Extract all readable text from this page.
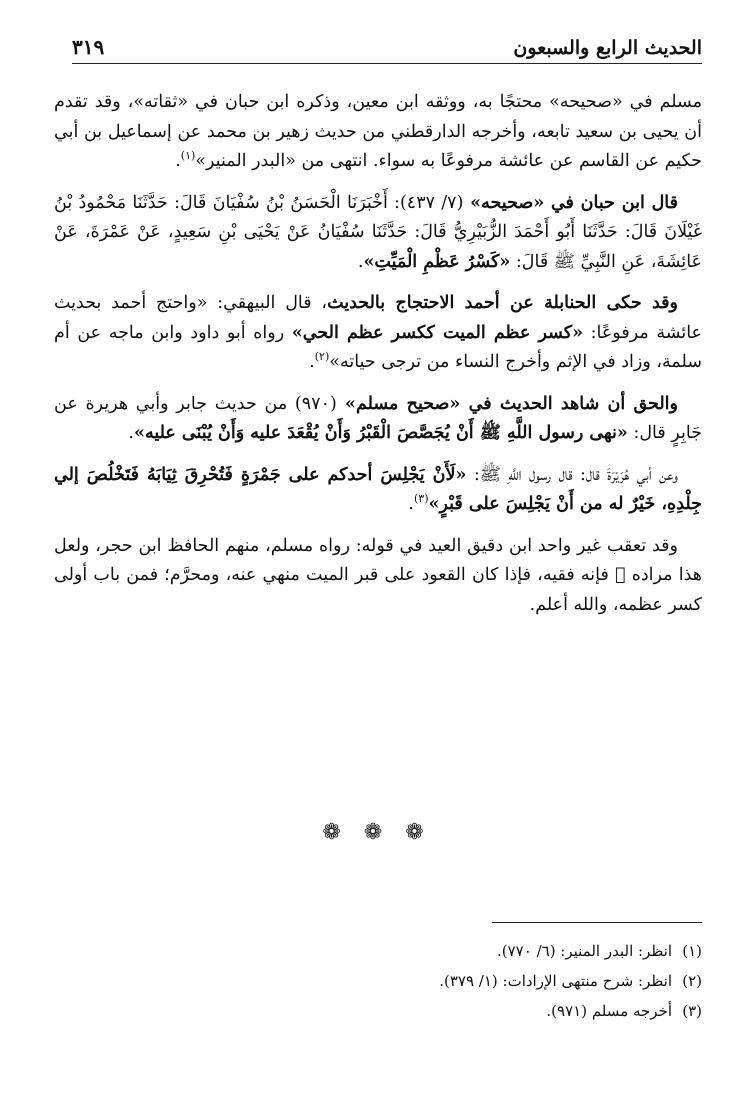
الحديث الرابع والسبعون
٣١٩

مسلم في «صحيحه» محتجًا به، ووثقه ابن معين، وذكره ابن حبان في «ثقاته»، وقد تقدم أن يحيى بن سعيد تابعه، وأخرجه الدارقطني من حديث زهير بن محمد عن إسماعيل بن أبي حكيم عن القاسم عن عائشة مرفوعًا به سواء. انتهى من «البدر المنير»$^{(١)}$.

قال ابن حبان في «صحيحه» (٧/ ٤٣٧): أَخْبَرَنَا الْحَسَنُ بْنُ سُفْيَانَ قَالَ: حَدَّثَنَا مَحْمُودُ بْنُ غَيْلَانَ قَالَ: حَدَّثَنَا أَبُو أَحْمَدَ الزُّبَيْرِيُّ قَالَ: حَدَّثَنَا سُفْيَانُ عَنْ يَحْيَى بْنِ سَعِيدٍ، عَنْ عَمْرَةَ، عَنْ عَائِشَةَ، عَنِ النَّبِيِّ ﷺ قَالَ: «كَسْرُ عَظْمِ الْمَيِّتِ».

وقد حكى الحنابلة عن أحمد الاحتجاج بالحديث، قال البيهقي: «واحتج أحمد بحديث عائشة مرفوعًا: «كسر عظم الميت ككسر عظم الحي» رواه أبو داود وابن ماجه عن أم سلمة، وزاد في الإثم وأخرج النساء من ترجى حياته»$^{(٢)}$.

والحق أن شاهد الحديث في «صحيح مسلم» (٩٧٠) من حديث جابر وأبي هريرة عن جَابِرٍ قال: «نهى رسول اللَّهِ ﷺ أَنْ يُجَصَّصَ الْقَبْرُ وَأَنْ يُقْعَدَ عليه وَأَنْ يُبْنَى عليه».

وعن أبي هُرَيْرَةَ قال: قال رسول اللَّهِ ﷺ: «لَأَنْ يَجْلِسَ أحدكم على جَمْرَةٍ فَتُحْرِقَ ثِيَابَهُ فَتَخْلُصَ إلي جِلْدِهِ، خَيْرٌ له من أَنْ يَجْلِسَ على قَبْرٍ»$^{(٣)}$.

وقد تعقب غير واحد ابن دقيق العيد في قوله: رواه مسلم، منهم الحافظ ابن حجر، ولعل هذا مراده ﷫ فإنه فقيه، فإذا كان القعود على قبر الميت منهي عنه، ومحرَّم؛ فمن باب أولى كسر عظمه، والله أعلم.

❁ ❁ ❁

(١)انظر: البدر المنير: (٦/ ٧٧٠).

(٢)انظر: شرح منتهى الإرادات: (١/ ٣٧٩).

(٣)أخرجه مسلم (٩٧١).
